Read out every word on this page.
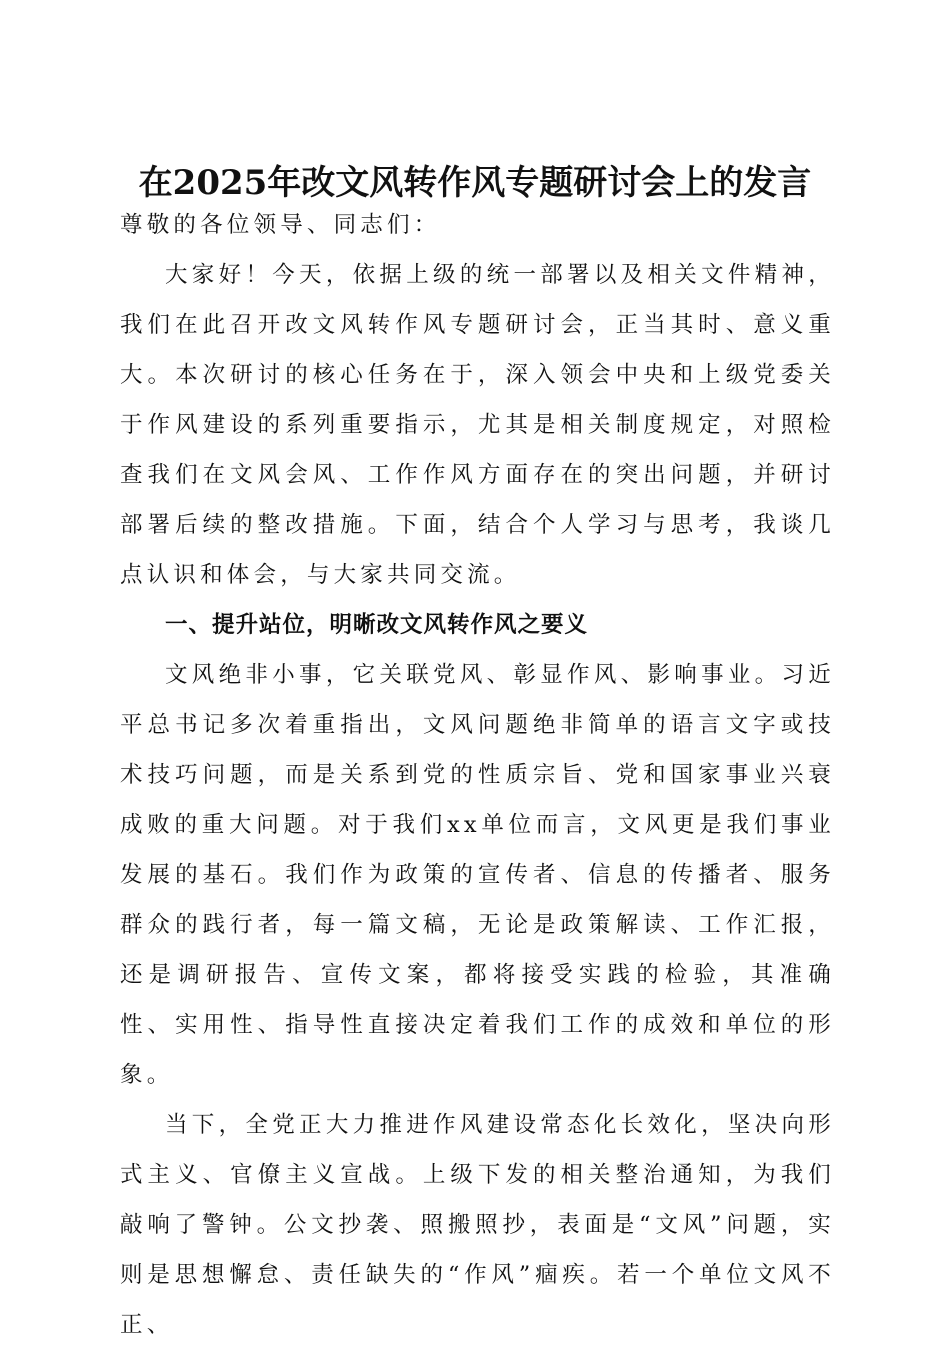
在2025年改文风转作风专题研讨会上的发言

尊敬的各位领导、同志们：

大家好！今天，依据上级的统一部署以及相关文件精神，我们在此召开改文风转作风专题研讨会，正当其时、意义重大。本次研讨的核心任务在于，深入领会中央和上级党委关于作风建设的系列重要指示，尤其是相关制度规定，对照检查我们在文风会风、工作作风方面存在的突出问题，并研讨部署后续的整改措施。下面，结合个人学习与思考，我谈几点认识和体会，与大家共同交流。

一、提升站位，明晰改文风转作风之要义

文风绝非小事，它关联党风、彰显作风、影响事业。习近平总书记多次着重指出，文风问题绝非简单的语言文字或技术技巧问题，而是关系到党的性质宗旨、党和国家事业兴衰成败的重大问题。对于我们xx单位而言，文风更是我们事业发展的基石。我们作为政策的宣传者、信息的传播者、服务群众的践行者，每一篇文稿，无论是政策解读、工作汇报，还是调研报告、宣传文案，都将接受实践的检验，其准确性、实用性、指导性直接决定着我们工作的成效和单位的形象。

当下，全党正大力推进作风建设常态化长效化，坚决向形式主义、官僚主义宣战。上级下发的相关整治通知，为我们敲响了警钟。公文抄袭、照搬照抄，表面是“文风”问题，实则是思想懈怠、责任缺失的“作风”痼疾。若一个单位文风不正、
